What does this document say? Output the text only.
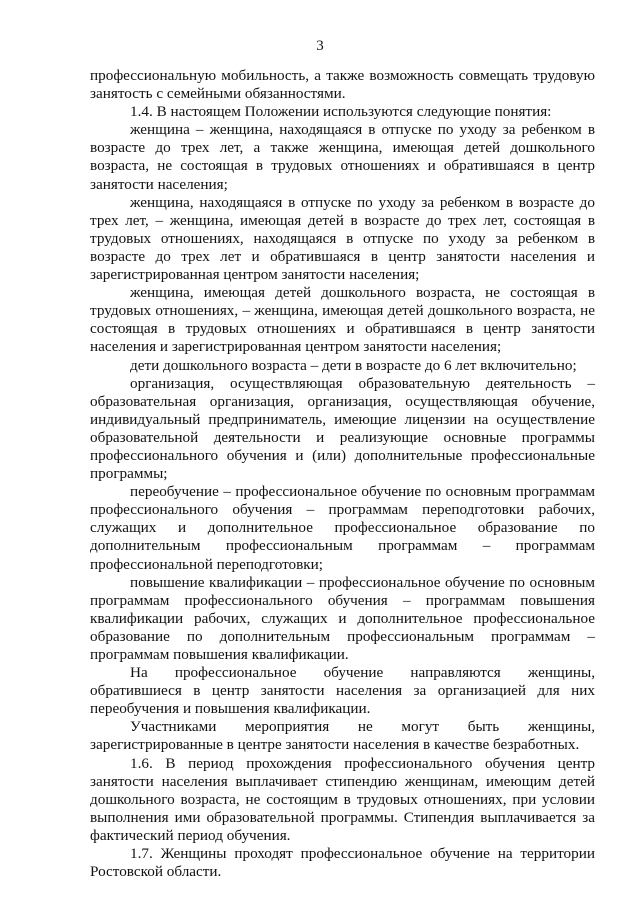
3

профессиональную мобильность, а также возможность совмещать трудовую занятость с семейными обязанностями.

1.4. В настоящем Положении используются следующие понятия:

женщина – женщина, находящаяся в отпуске по уходу за ребенком в возрасте до трех лет, а также женщина, имеющая детей дошкольного возраста, не состоящая в трудовых отношениях и обратившаяся в центр занятости населения;

женщина, находящаяся в отпуске по уходу за ребенком в возрасте до трех лет, – женщина, имеющая детей в возрасте до трех лет, состоящая в трудовых отношениях, находящаяся в отпуске по уходу за ребенком в возрасте до трех лет и обратившаяся в центр занятости населения и зарегистрированная центром занятости населения;

женщина, имеющая детей дошкольного возраста, не состоящая в трудовых отношениях, – женщина, имеющая детей дошкольного возраста, не состоящая в трудовых отношениях и обратившаяся в центр занятости населения и зарегистрированная центром занятости населения;

дети дошкольного возраста – дети в возрасте до 6 лет включительно;

организация, осуществляющая образовательную деятельность – образовательная организация, организация, осуществляющая обучение, индивидуальный предприниматель, имеющие лицензии на осуществление образовательной деятельности и реализующие основные программы профессионального обучения и (или) дополнительные профессиональные программы;

переобучение – профессиональное обучение по основным программам профессионального обучения – программам переподготовки рабочих, служащих и дополнительное профессиональное образование по дополнительным профессиональным программам – программам профессиональной переподготовки;

повышение квалификации – профессиональное обучение по основным программам профессионального обучения – программам повышения квалификации рабочих, служащих и дополнительное профессиональное образование по дополнительным профессиональным программам – программам повышения квалификации.

На профессиональное обучение направляются женщины, обратившиеся в центр занятости населения за организацией для них переобучения и повышения квалификации.

Участниками мероприятия не могут быть женщины, зарегистрированные в центре занятости населения в качестве безработных.

1.6. В период прохождения профессионального обучения центр занятости населения выплачивает стипендию женщинам, имеющим детей дошкольного возраста, не состоящим в трудовых отношениях, при условии выполнения ими образовательной программы. Стипендия выплачивается за фактический период обучения.

1.7. Женщины проходят профессиональное обучение на территории Ростовской области.
